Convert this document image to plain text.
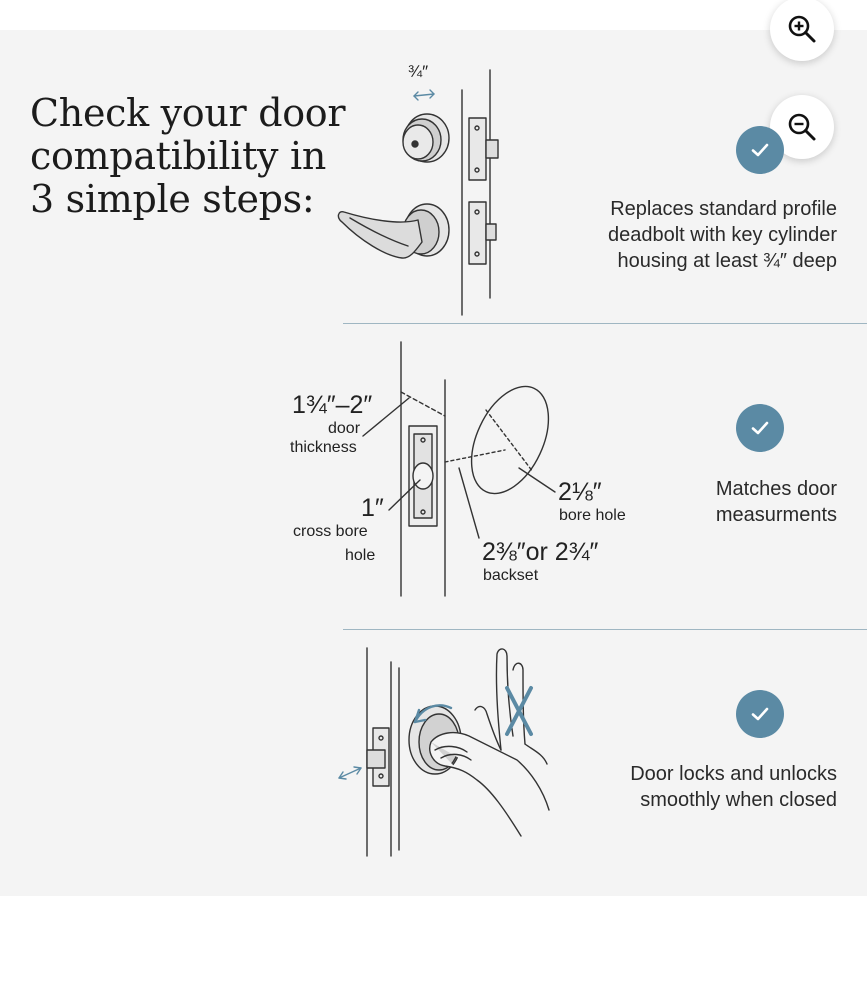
Check your door
compatibility in
3 simple steps:
¾″
Replaces standard profile
deadbolt with key cylinder
housing at least ¾″ deep
1¾″–2″
door
thickness
1″
cross bore
hole
2⅛″
bore hole
2⅜″or 2¾″
backset
Matches door
measurments
Door locks and unlocks
smoothly when closed
